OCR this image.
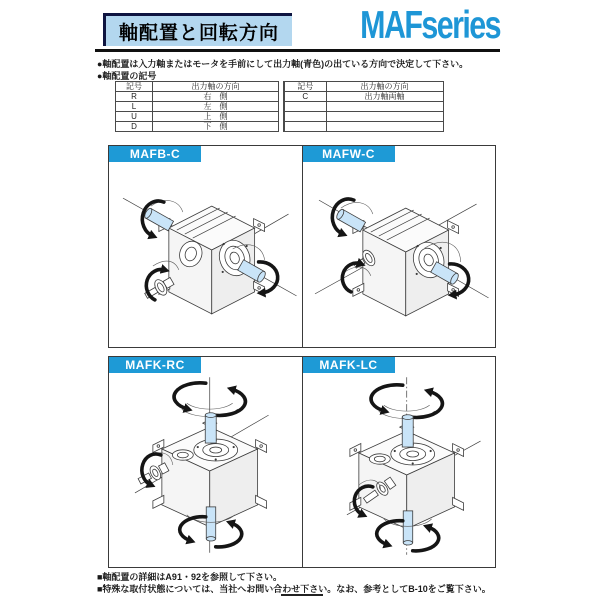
軸配置と回転方向	MAFseries
●軸配置は入力軸またはモータを手前にして出力軸(青色)の出ている方向で決定して下さい。
●軸配置の記号
記号	出力軸の方向
R	右　側
L	左　側
U	上　側
D	下　側
記号	出力軸の方向
C	出力軸両軸

MAFB-C	MAFW-C
MAFK-RC	MAFK-LC
■軸配置の詳細はA91・92を参照して下さい。
■特殊な取付状態については、当社へお問い合わせ下さい。なお、参考としてB-10をご覧下さい。
